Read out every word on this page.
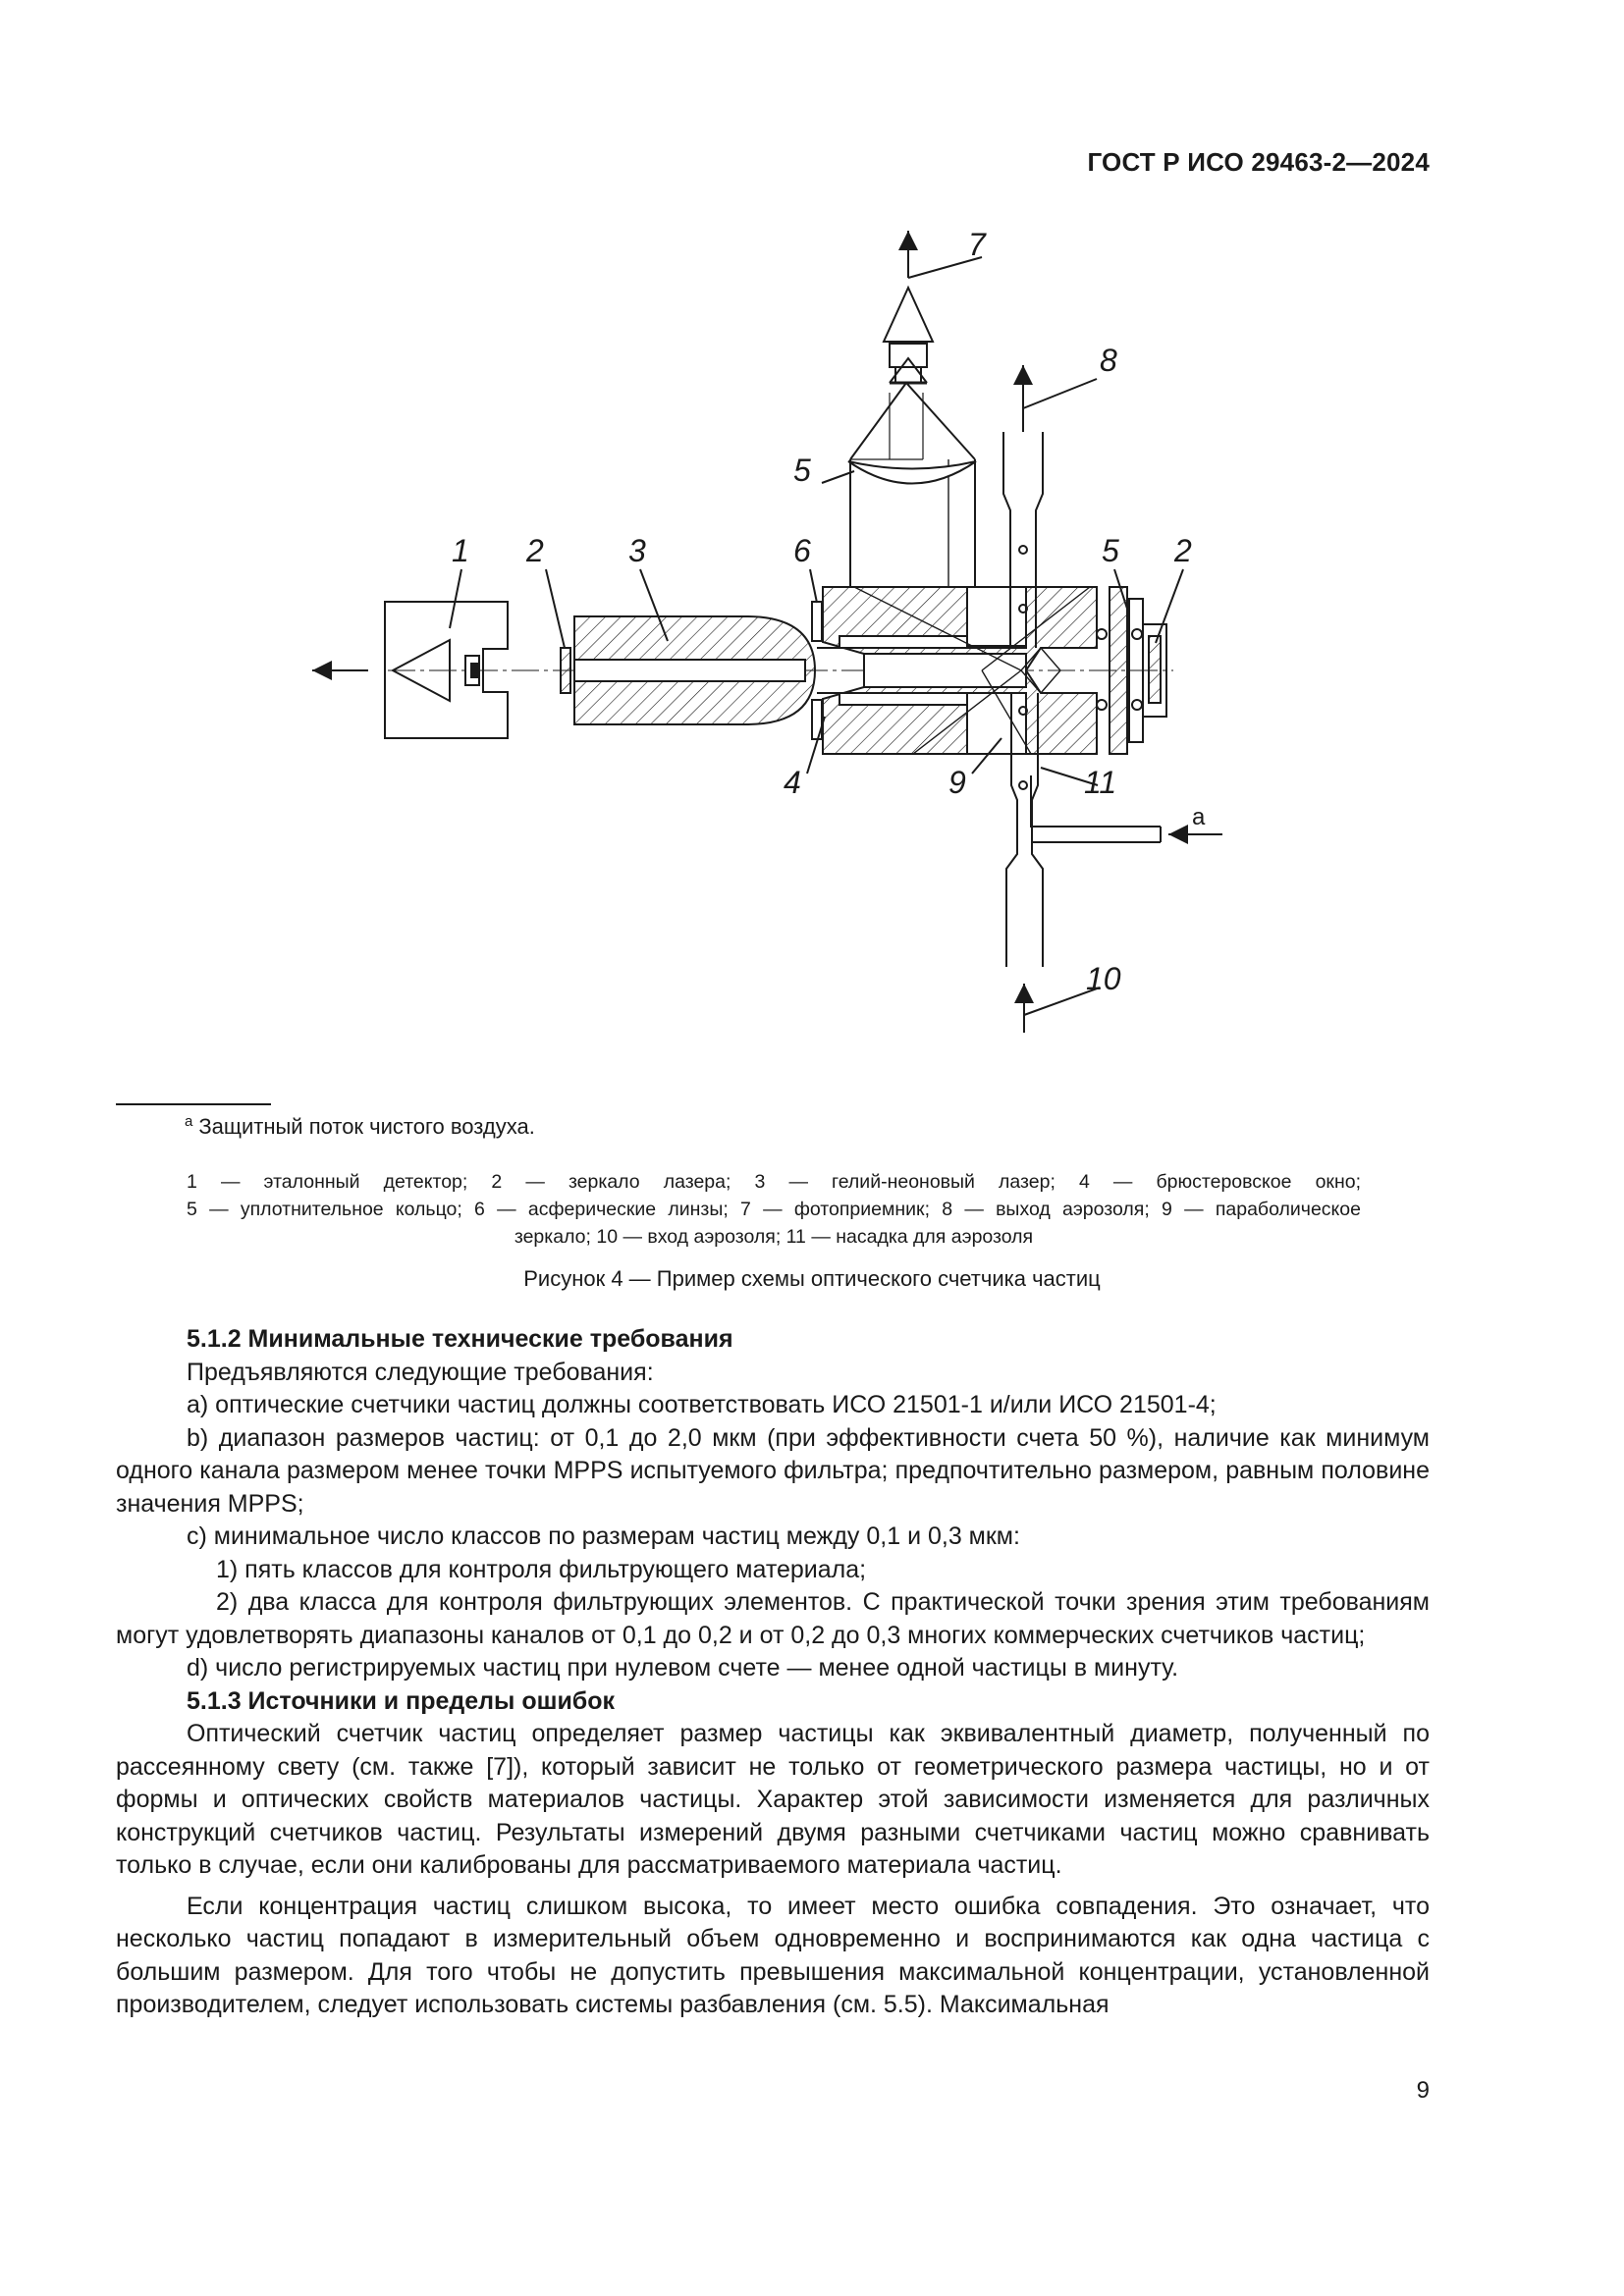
ГОСТ Р ИСО 29463-2—2024
1 2	3	6
5
7
8
5 2
4	9	11
10
а
$^а$ Защитный поток чистого воздуха.
1 — эталонный детектор; 2 — зеркало лазера; 3 — гелий-неоновый лазер; 4 — брюстеровское окно;
5 — уплотнительное кольцо; 6 — асферические линзы; 7 — фотоприемник; 8 — выход аэрозоля; 9 — параболическое
зеркало; 10 — вход аэрозоля; 11 — насадка для аэрозоля
Рисунок 4 — Пример схемы оптического счетчика частиц

5.1.2 Минимальные технические требования

Предъявляются следующие требования:

a) оптические счетчики частиц должны соответствовать ИСО 21501-1 и/или ИСО 21501-4;

b) диапазон размеров частиц: от 0,1 до 2,0 мкм (при эффективности счета 50 %), наличие как минимум одного канала размером менее точки MPPS испытуемого фильтра; предпочтительно размером, равным половине значения MPPS;

c) минимальное число классов по размерам частиц между 0,1 и 0,3 мкм:

1) пять классов для контроля фильтрующего материала;

2) два класса для контроля фильтрующих элементов. С практической точки зрения этим требованиям могут удовлетворять диапазоны каналов от 0,1 до 0,2 и от 0,2 до 0,3 многих коммерческих счетчиков частиц;

d) число регистрируемых частиц при нулевом счете — менее одной частицы в минуту.

5.1.3 Источники и пределы ошибок

Оптический счетчик частиц определяет размер частицы как эквивалентный диаметр, полученный по рассеянному свету (см. также [7]), который зависит не только от геометрического размера частицы, но и от формы и оптических свойств материалов частицы. Характер этой зависимости изменяется для различных конструкций счетчиков частиц. Результаты измерений двумя разными счетчиками частиц можно сравнивать только в случае, если они калиброваны для рассматриваемого материала частиц.

Если концентрация частиц слишком высока, то имеет место ошибка совпадения. Это означает, что несколько частиц попадают в измерительный объем одновременно и воспринимаются как одна частица с большим размером. Для того чтобы не допустить превышения максимальной концентрации, установленной производителем, следует использовать системы разбавления (см. 5.5). Максимальная

9
